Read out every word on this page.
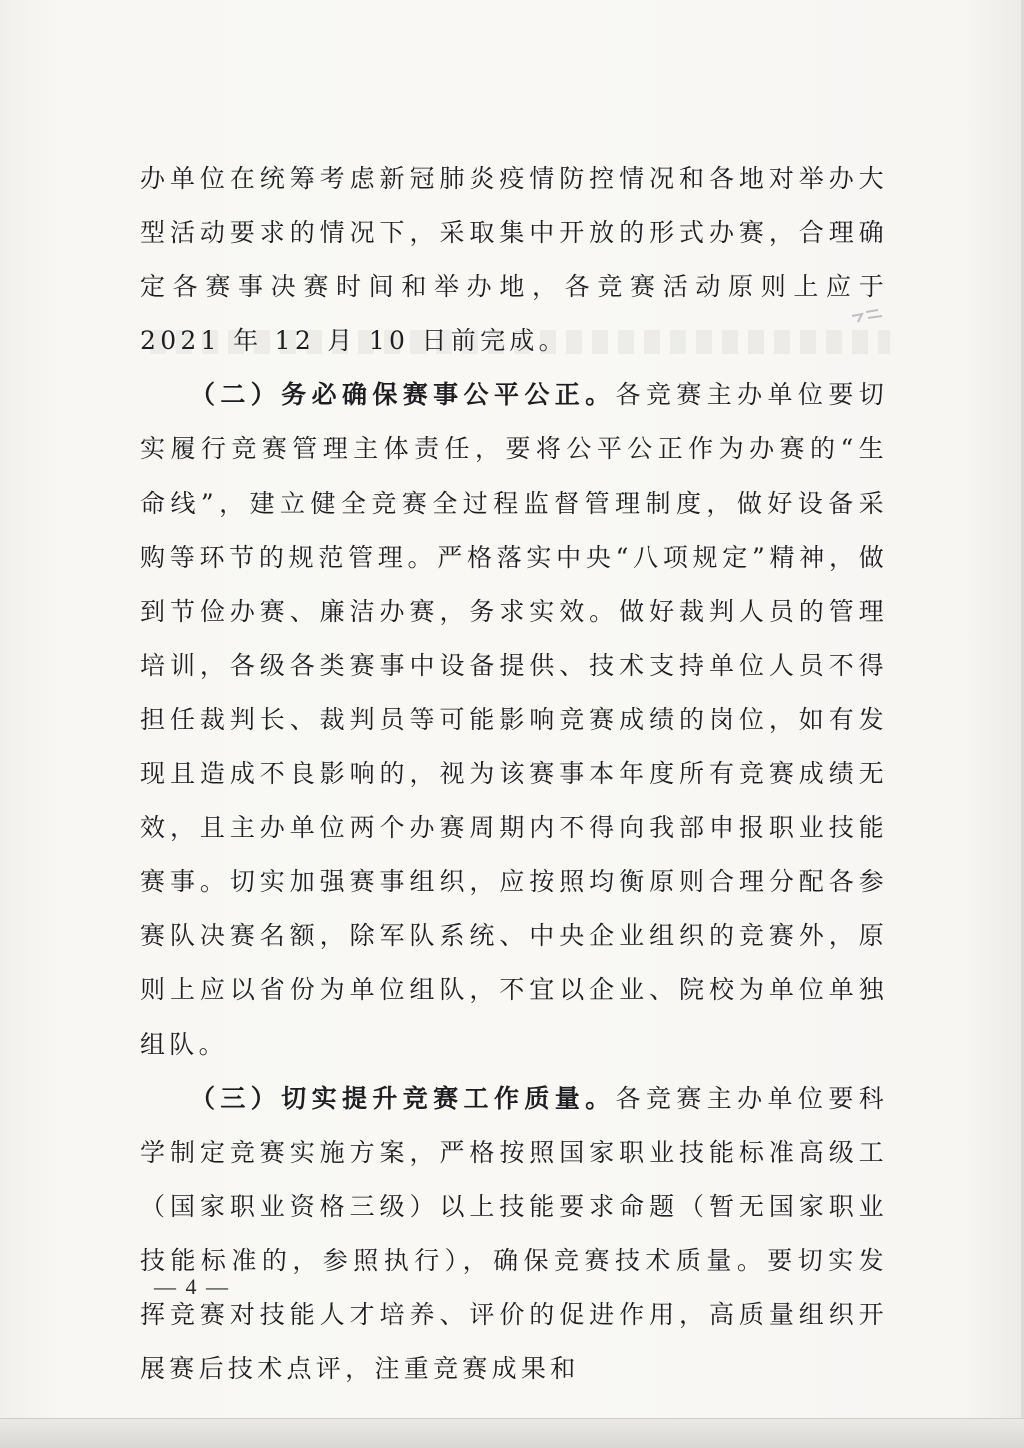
办单位在统筹考虑新冠肺炎疫情防控情况和各地对举办大型活动要求的情况下，采取集中开放的形式办赛，合理确定各赛事决赛时间和举办地，各竞赛活动原则上应于 2021 年 12 月 10 日前完成。

（二）务必确保赛事公平公正。各竞赛主办单位要切实履行竞赛管理主体责任，要将公平公正作为办赛的“生命线”，建立健全竞赛全过程监督管理制度，做好设备采购等环节的规范管理。严格落实中央“八项规定”精神，做到节俭办赛、廉洁办赛，务求实效。做好裁判人员的管理培训，各级各类赛事中设备提供、技术支持单位人员不得担任裁判长、裁判员等可能影响竞赛成绩的岗位，如有发现且造成不良影响的，视为该赛事本年度所有竞赛成绩无效，且主办单位两个办赛周期内不得向我部申报职业技能赛事。切实加强赛事组织，应按照均衡原则合理分配各参赛队决赛名额，除军队系统、中央企业组织的竞赛外，原则上应以省份为单位组队，不宜以企业、院校为单位单独组队。

（三）切实提升竞赛工作质量。各竞赛主办单位要科学制定竞赛实施方案，严格按照国家职业技能标准高级工（国家职业资格三级）以上技能要求命题（暂无国家职业技能标准的，参照执行），确保竞赛技术质量。要切实发挥竞赛对技能人才培养、评价的促进作用，高质量组织开展赛后技术点评，注重竞赛成果和

— 4 —
